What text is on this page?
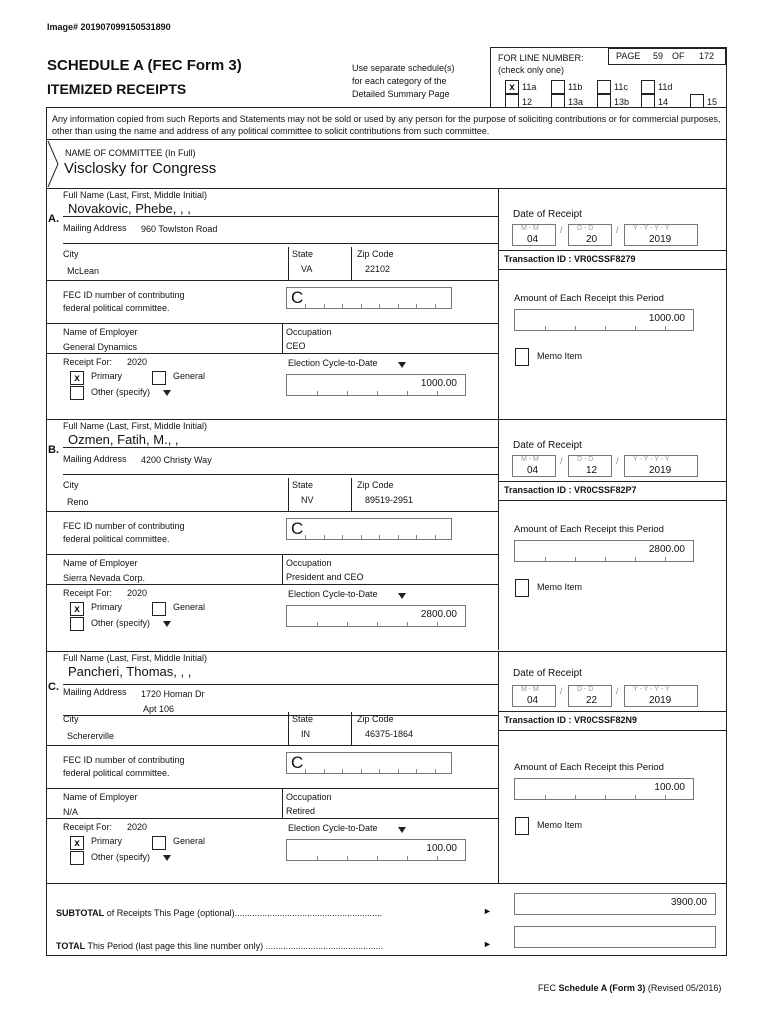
Image# 201907099150531890
SCHEDULE A (FEC Form 3)
ITEMIZED RECEIPTS
Use separate schedule(s)
for each category of the
Detailed Summary Page
FOR LINE NUMBER:
(check only one)
PAGE 59 OF 172
x 11a	11b	11c	11d
12	13a	13b	14	15
Any information copied from such Reports and Statements may not be sold or used by any person for the purpose of soliciting contributions or for commercial purposes, other than using the name and address of any political committee to solicit contributions from such committee.
NAME OF COMMITTEE (In Full)
Visclosky for Congress
Full Name (Last, First, Middle Initial)
A.
Novakovic, Phebe, , ,
Mailing Address 960 Towlston Road
City	State	Zip Code
McLean	VA	22102
FEC ID number of contributing
federal political committee.
C
Name of Employer	Occupation
General Dynamics	CEO
Receipt For: 2020
x	Primary	General
Other (specify)
Election Cycle-to-Date
1000.00
Date of Receipt
M - M
04
/ D - D
20
/ Y - Y - Y - Y
2019
Transaction ID : VR0CSSF8279
Amount of Each Receipt this Period
1000.00
Memo Item
Full Name (Last, First, Middle Initial)
B.
Ozmen, Fatih, M., ,
Mailing Address 4200 Christy Way
City	State	Zip Code
Reno	NV	89519-2951
FEC ID number of contributing
federal political committee.
C
Name of Employer	Occupation
Sierra Nevada Corp.	President and CEO
Receipt For: 2020
x	Primary	General
Other (specify)
Election Cycle-to-Date
2800.00
Date of Receipt
M - M
04
/ D - D
12
/ Y - Y - Y - Y
2019
Transaction ID : VR0CSSF82P7
Amount of Each Receipt this Period
2800.00
Memo Item
Full Name (Last, First, Middle Initial)
C.
Pancheri, Thomas, , ,
Mailing Address 1720 Homan Dr
Apt 106
City	State	Zip Code
Schererville	IN	46375-1864
FEC ID number of contributing
federal political committee.
C
Name of Employer	Occupation
N/A	Retired
Receipt For: 2020
x	Primary	General
Other (specify)
Election Cycle-to-Date
100.00
Date of Receipt
M - M
04
/ D - D
22
/ Y - Y - Y - Y
2019
Transaction ID : VR0CSSF82N9
Amount of Each Receipt this Period
100.00
Memo Item
SUBTOTAL of Receipts This Page (optional)...........................................................	►
3900.00
TOTAL This Period (last page this line number only) ...............................................	►
FEC Schedule A (Form 3) (Revised 05/2016)
